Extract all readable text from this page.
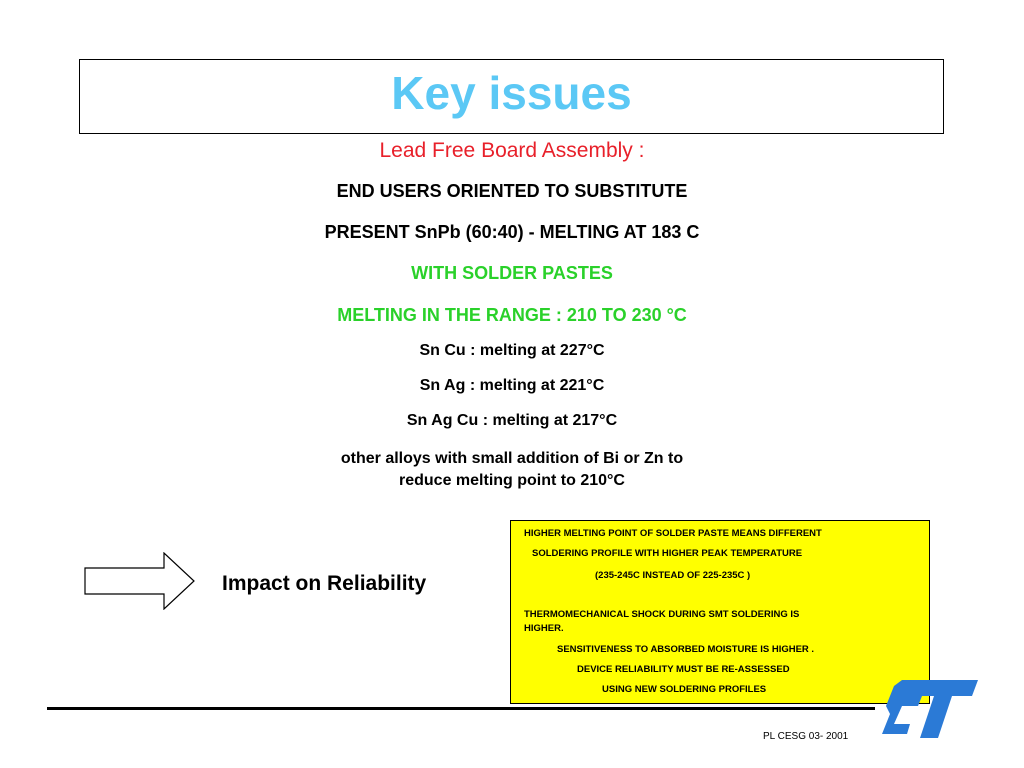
Key issues
Lead Free Board Assembly :
END USERS ORIENTED TO SUBSTITUTE
PRESENT SnPb (60:40) - MELTING AT 183 C
WITH SOLDER PASTES
MELTING IN THE RANGE : 210 TO 230 °C
Sn Cu : melting at 227°C
Sn Ag : melting at 221°C
Sn Ag Cu : melting at 217°C
other alloys with small addition of Bi or Zn to
reduce melting point to 210°C
Impact on Reliability
HIGHER MELTING POINT OF SOLDER PASTE MEANS DIFFERENT
SOLDERING PROFILE WITH HIGHER PEAK TEMPERATURE
(235-245C INSTEAD OF 225-235C )
THERMOMECHANICAL SHOCK DURING SMT SOLDERING IS
HIGHER.
SENSITIVENESS TO ABSORBED MOISTURE IS HIGHER .
DEVICE RELIABILITY MUST BE RE-ASSESSED
USING NEW SOLDERING PROFILES
PL CESG 03- 2001
